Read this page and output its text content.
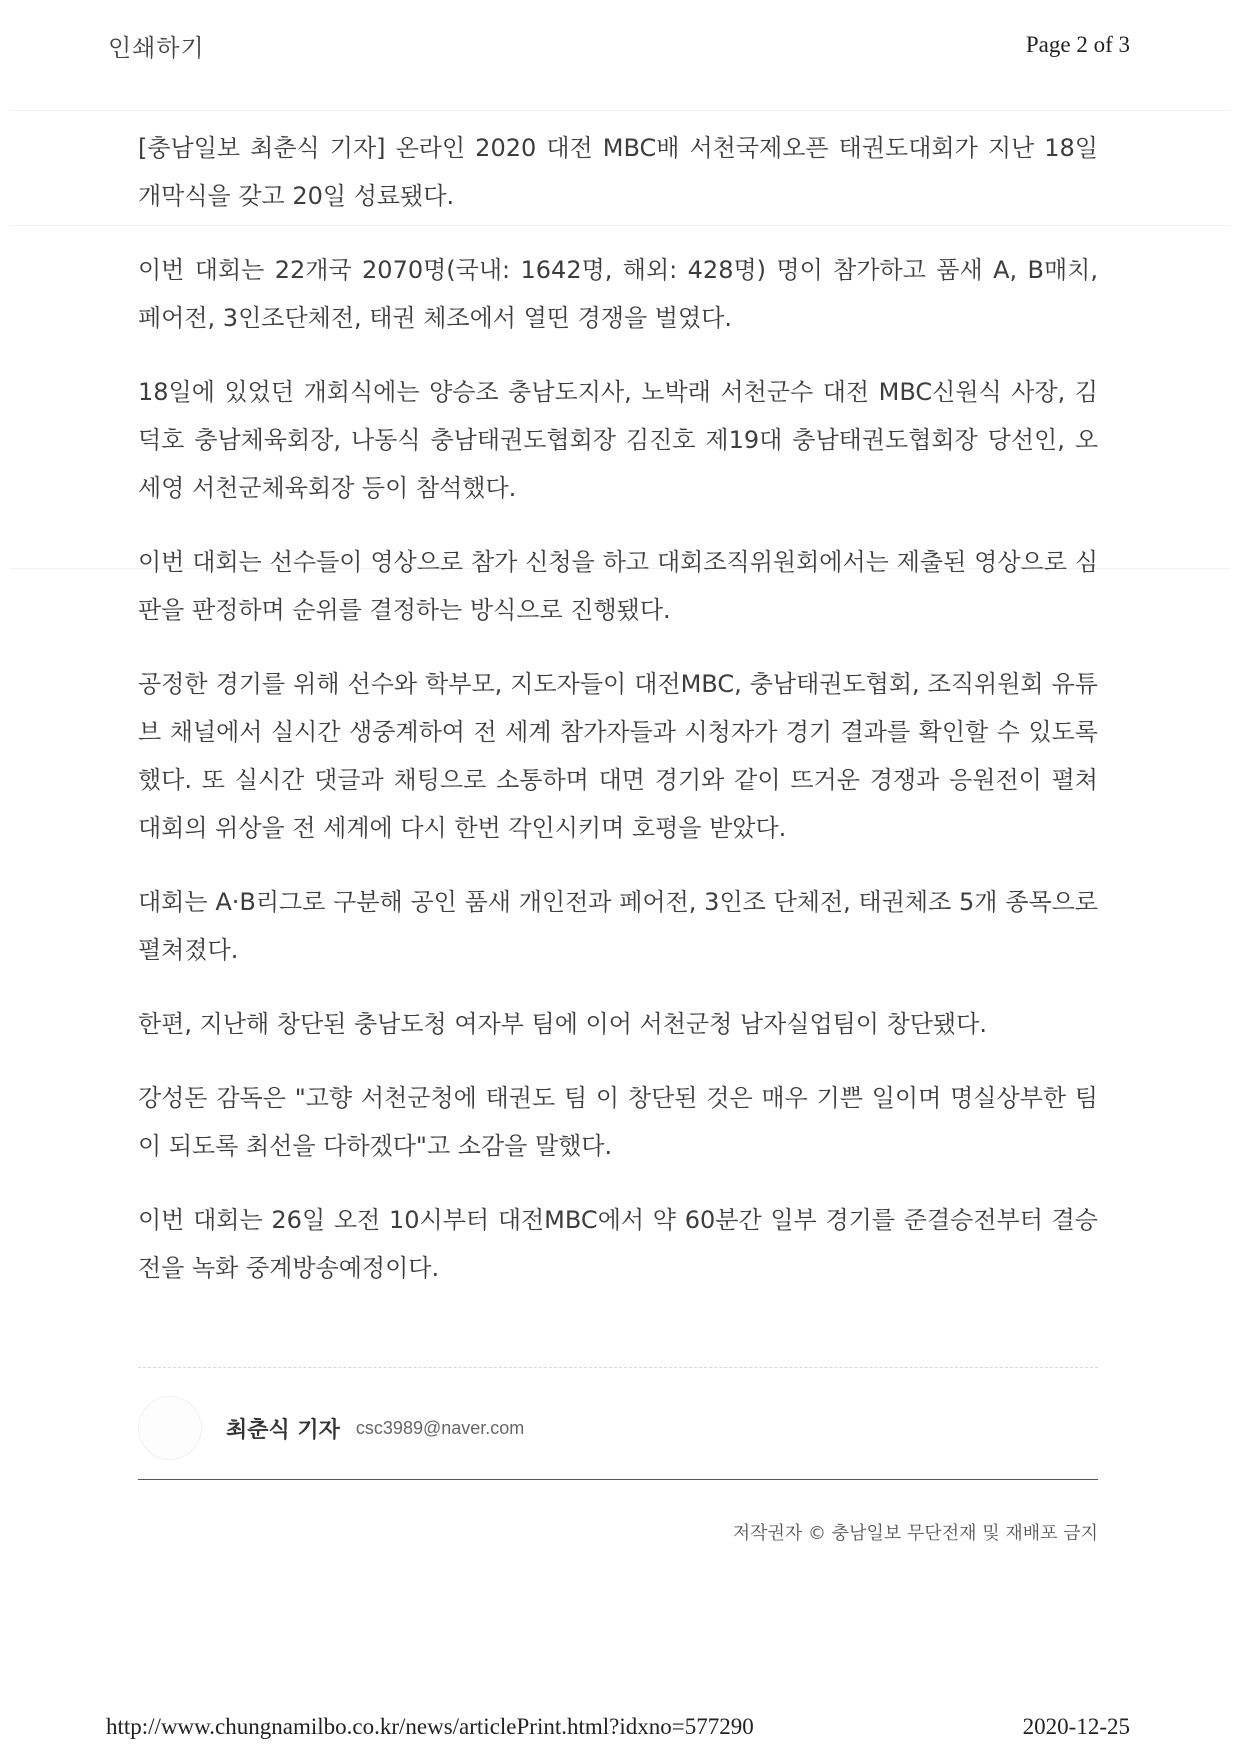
인쇄하기	Page 2 of 3

[충남일보 최춘식 기자] 온라인 2020 대전 MBC배 서천국제오픈 태권도대회가 지난 18일 개막식을 갖고 20일 성료됐다.

이번 대회는 22개국 2070명(국내: 1642명, 해외: 428명) 명이 참가하고 품새 A, B매치, 페어전, 3인조단체전, 태권 체조에서 열띤 경쟁을 벌였다.

18일에 있었던 개회식에는 양승조 충남도지사, 노박래 서천군수 대전 MBC신원식 사장, 김덕호 충남체육회장, 나동식 충남태권도협회장 김진호 제19대 충남태권도협회장 당선인, 오세영 서천군체육회장 등이 참석했다.

이번 대회는 선수들이 영상으로 참가 신청을 하고 대회조직위원회에서는 제출된 영상으로 심판을 판정하며 순위를 결정하는 방식으로 진행됐다.

공정한 경기를 위해 선수와 학부모, 지도자들이 대전MBC, 충남태권도협회, 조직위원회 유튜브 채널에서 실시간 생중계하여 전 세계 참가자들과 시청자가 경기 결과를 확인할 수 있도록 했다. 또 실시간 댓글과 채팅으로 소통하며 대면 경기와 같이 뜨거운 경쟁과 응원전이 펼쳐 대회의 위상을 전 세계에 다시 한번 각인시키며 호평을 받았다.

대회는 A·B리그로 구분해 공인 품새 개인전과 페어전, 3인조 단체전, 태권체조 5개 종목으로 펼쳐졌다.

한편, 지난해 창단된 충남도청 여자부 팀에 이어 서천군청 남자실업팀이 창단됐다.

강성돈 감독은 "고향 서천군청에 태권도 팀 이 창단된 것은 매우 기쁜 일이며 명실상부한 팀이 되도록 최선을 다하겠다"고 소감을 말했다.

이번 대회는 26일 오전 10시부터 대전MBC에서 약 60분간 일부 경기를 준결승전부터 결승전을 녹화 중계방송예정이다.

최춘식 기자 csc3989@naver.com
저작권자 © 충남일보 무단전재 및 재배포 금지
http://www.chungnamilbo.co.kr/news/articlePrint.html?idxno=577290	2020-12-25
